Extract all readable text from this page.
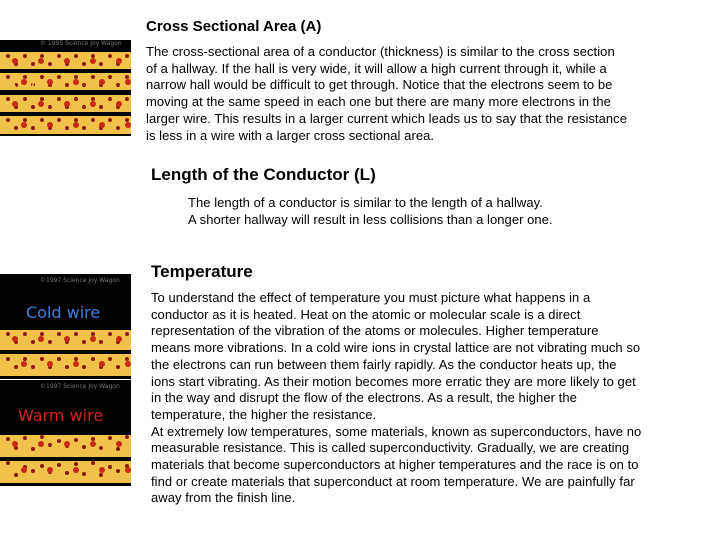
© 1995 Science Joy Wagon
A A
Cross Sectional Area (A)
The cross-sectional area of a conductor (thickness) is similar to the cross section
of a hallway. If the hall is very wide, it will allow a high current through it, while a
narrow hall would be difficult to get through. Notice that the electrons seem to be
moving at the same speed in each one but there are many more electrons in the
larger wire. This results in a larger current which leads us to say that the resistance
is less in a wire with a larger cross sectional area.
Length of the Conductor (L)
The length of a conductor is similar to the length of a hallway.
A shorter hallway will result in less collisions than a longer one.
©1997 Science Joy Wagon
Cold wire
©1997 Science Joy Wagon
Warm wire
Temperature
To understand the effect of temperature you must picture what happens in a
conductor as it is heated. Heat on the atomic or molecular scale is a direct
representation of the vibration of the atoms or molecules. Higher temperature
means more vibrations. In a cold wire ions in crystal lattice are not vibrating much so
the electrons can run between them fairly rapidly. As the conductor heats up, the
ions start vibrating. As their motion becomes more erratic they are more likely to get
in the way and disrupt the flow of the electrons. As a result, the higher the
temperature, the higher the resistance.
At extremely low temperatures, some materials, known as superconductors, have no
measurable resistance. This is called superconductivity. Gradually, we are creating
materials that become superconductors at higher temperatures and the race is on to
find or create materials that superconduct at room temperature. We are painfully far
away from the finish line.
